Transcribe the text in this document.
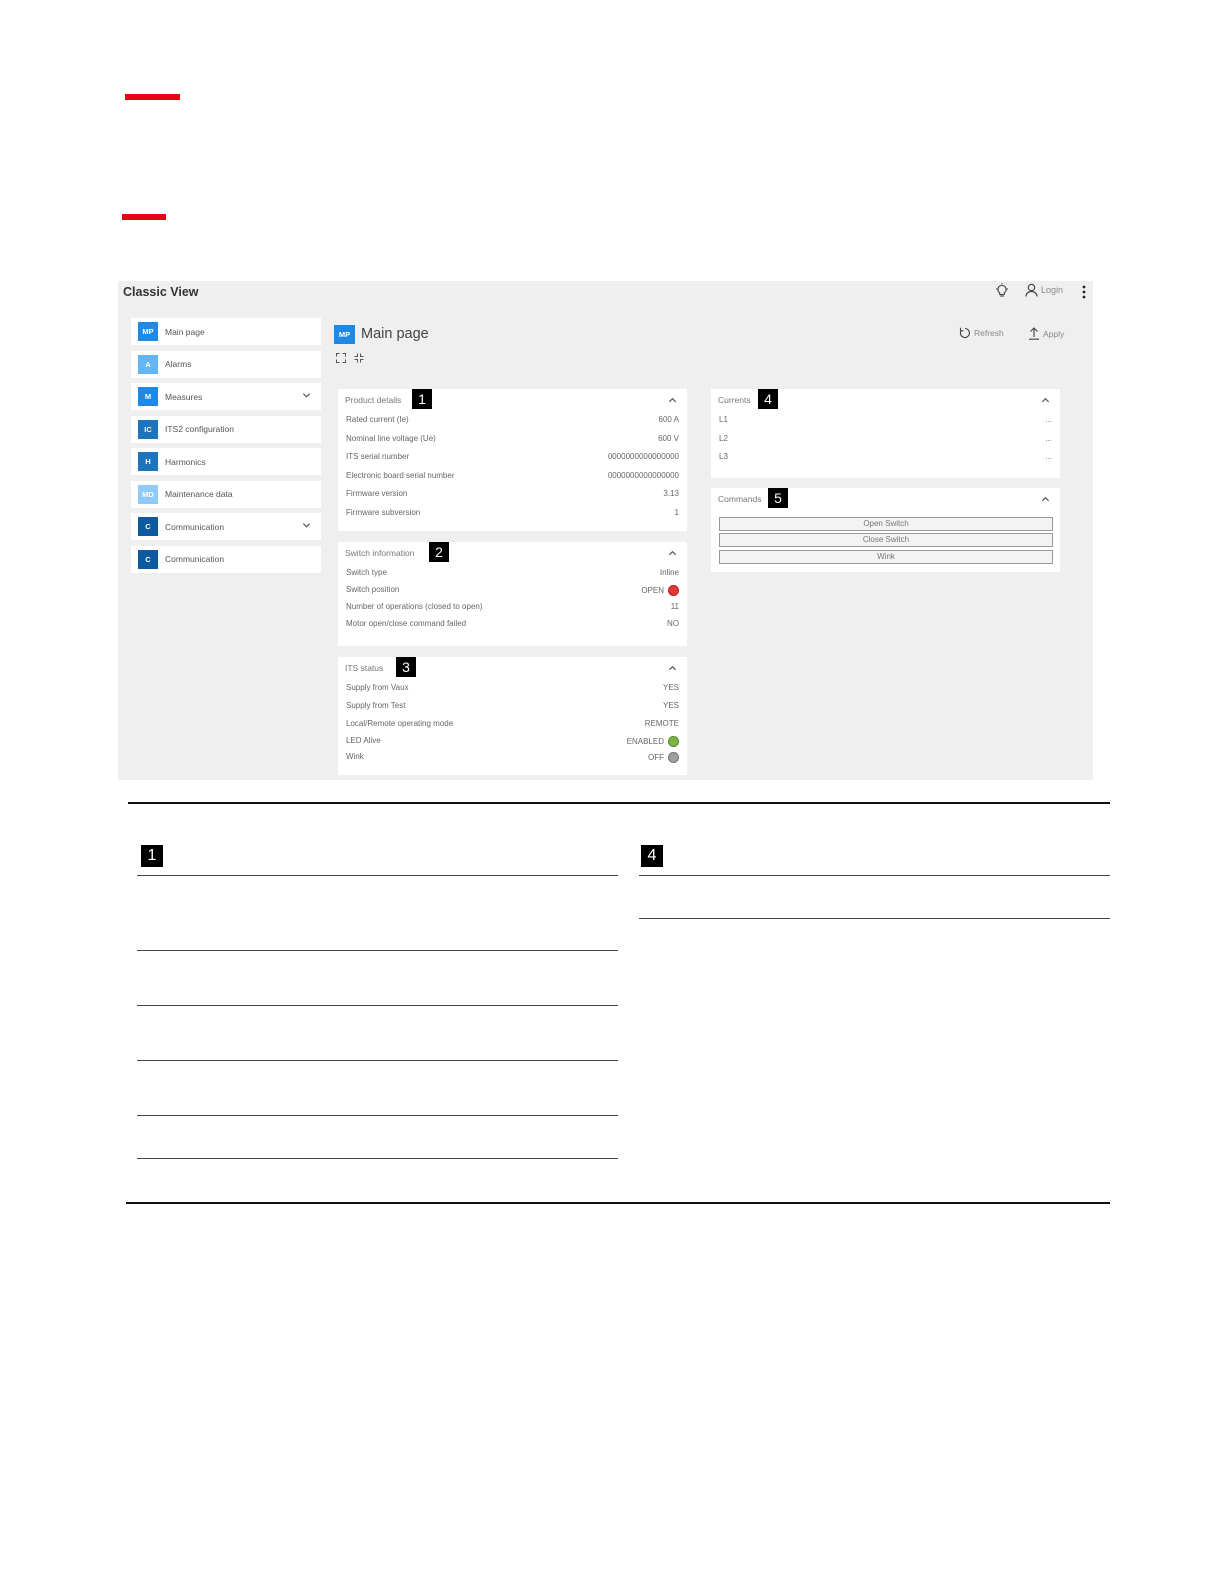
Classic View	Login
MP	Main page
A	Alarms
M	Measures
IC	ITS2 configuration
H	Harmonics
MD	Maintenance data
C	Communication
C	Communication
MP Main page	Refresh	Apply
Product details	1
Rated current (Ie)	600 A
Nominal line voltage (Ue)	600 V
ITS serial number	0000000000000000
Electronic board serial number	0000000000000000
Firmware version	3.13
Firmware subversion	1
Switch information	2
Switch type	Inline
Switch position	OPEN
Number of operations (closed to open)	11
Motor open/close command failed	NO
ITS status	3
Supply from Vaux	YES
Supply from Test	YES
Local/Remote operating mode	REMOTE
LED Alive	ENABLED
Wink	OFF
Currents 4
L1	...
L2	...
L3	...
Commands 5
Open Switch
Close Switch
Wink
1	4
